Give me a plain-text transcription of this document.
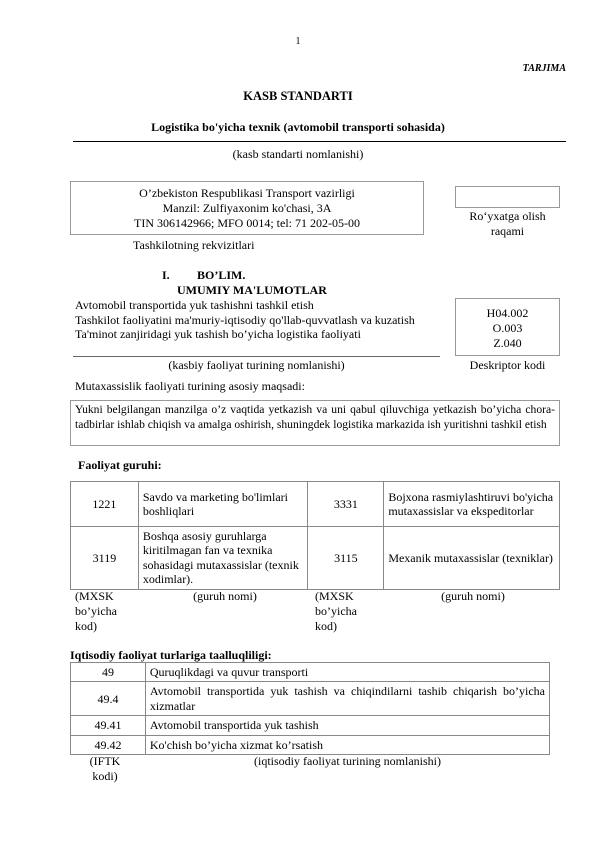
1
TARJIMA
KASB STANDARTI
Logistika bo'yicha texnik (avtomobil transporti sohasida)
(kasb standarti nomlanishi)
O’zbekiston Respublikasi Transport vazirligi
Manzil: Zulfiyaxonim ko'chasi, 3A
TIN 306142966; MFO 0014; tel: 71 202-05-00
Tashkilotning rekvizitlari
Ro‘yxatga olish raqami
I. BO’LIM.
UMUMIY MA'LUMOTLAR
Avtomobil transportida yuk tashishni tashkil etish
Tashkilot faoliyatini ma'muriy-iqtisodiy qo'llab-quvvatlash va kuzatish
Ta'minot zanjiridagi yuk tashish bo’yicha logistika faoliyati
(kasbiy faoliyat turining nomlanishi)
H04.002
O.003
Z.040
Deskriptor kodi
Mutaxassislik faoliyati turining asosiy maqsadi:
Yukni belgilangan manzilga o’z vaqtida yetkazish va uni qabul qiluvchiga yetkazish bo’yicha chora-tadbirlar ishlab chiqish va amalga oshirish, shuningdek logistika markazida ish yuritishni tashkil etish
Faoliyat guruhi:
1221	Savdo va marketing bo'limlari boshliqlari	3331	Bojxona rasmiylashtiruvi bo'yicha mutaxassislar va ekspeditorlar
3119	Boshqa asosiy guruhlarga kiritilmagan fan va texnika sohasidagi mutaxassislar (texnik xodimlar).	3115	Mexanik mutaxassislar (texniklar)
(MXSK bo’yicha kod)
(guruh nomi)	(MXSK bo’yicha kod)
(guruh nomi)
Iqtisodiy faoliyat turlariga taalluqliligi:
49	Quruqlikdagi va quvur transporti
49.4	Avtomobil transportida yuk tashish va chiqindilarni tashib chiqarish bo’yicha xizmatlar
49.41	Avtomobil transportida yuk tashish
49.42	Ko'chish bo’yicha xizmat ko’rsatish
(IFTK kodi)
(iqtisodiy faoliyat turining nomlanishi)
